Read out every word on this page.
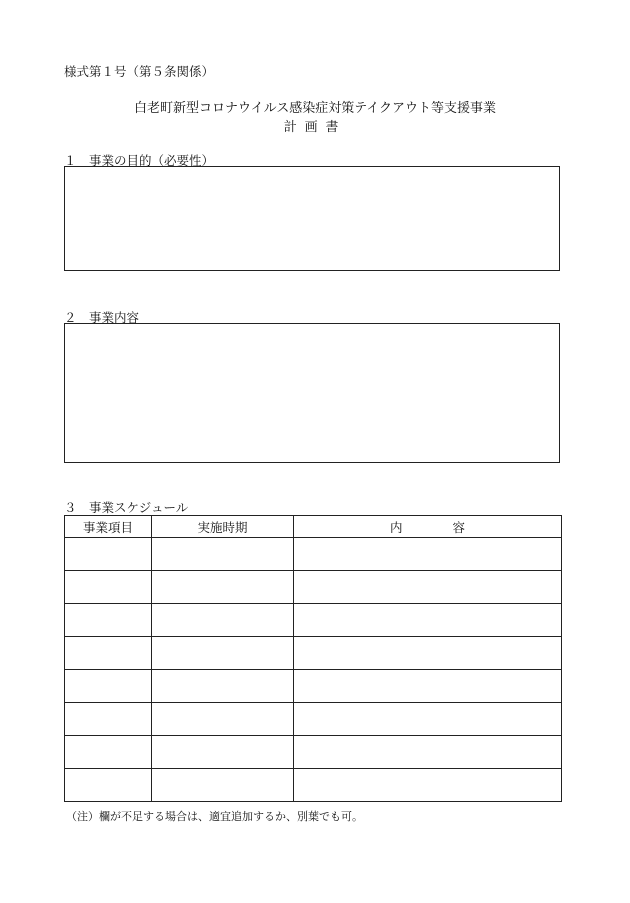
様式第１号（第５条関係）
白老町新型コロナウイルス感染症対策テイクアウト等支援事業
計画書
１　事業の目的（必要性）
２　事業内容
３　事業スケジュール
事業項目	実施時期	内　　　　容

（注）欄が不足する場合は、適宜追加するか、別葉でも可。
